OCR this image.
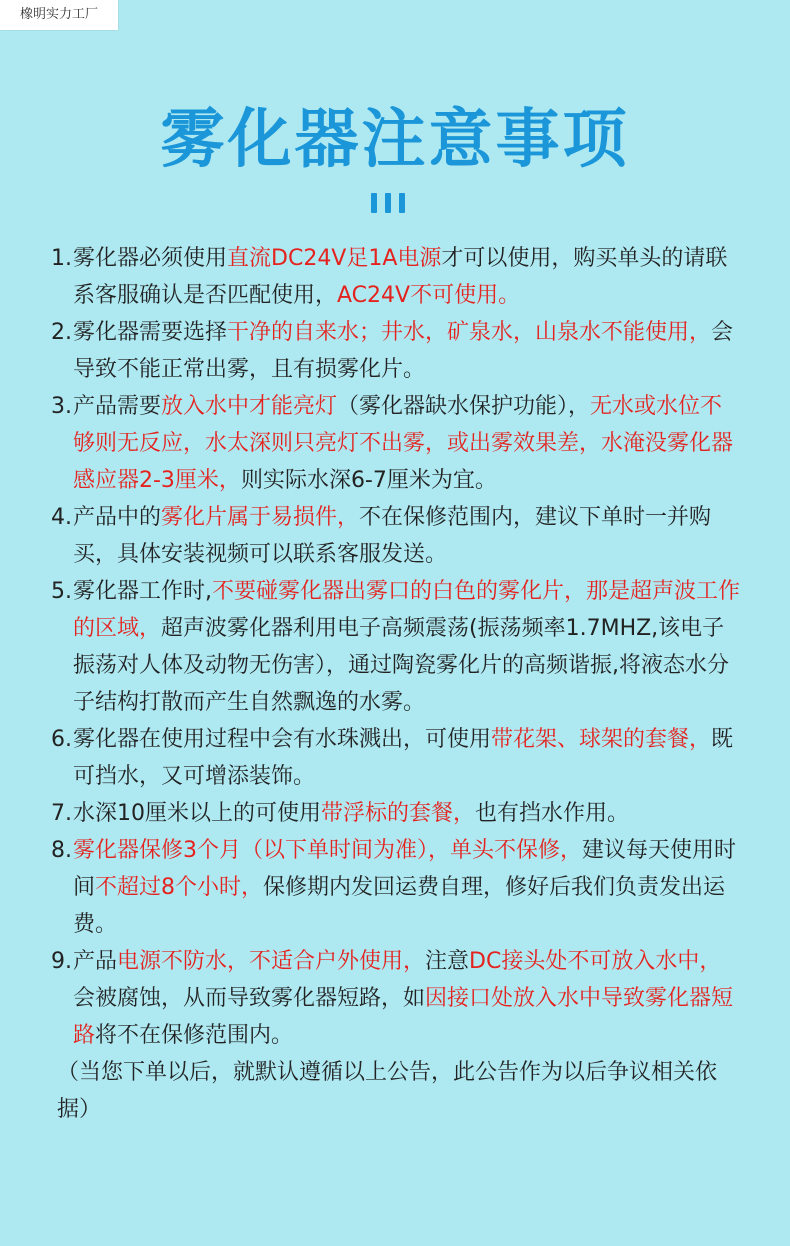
橡明实力工厂
雾化器注意事项
1. 雾化器必须使用直流DC24V足1A电源才可以使用，购买单头的请联系客服确认是否匹配使用，AC24V不可使用。
2. 雾化器需要选择干净的自来水；井水，矿泉水，山泉水不能使用，会导致不能正常出雾，且有损雾化片。
3. 产品需要放入水中才能亮灯（雾化器缺水保护功能），无水或水位不够则无反应，水太深则只亮灯不出雾，或出雾效果差，水淹没雾化器感应器2-3厘米，则实际水深6-7厘米为宜。
4. 产品中的雾化片属于易损件，不在保修范围内，建议下单时一并购买，具体安装视频可以联系客服发送。
5. 雾化器工作时,不要碰雾化器出雾口的白色的雾化片，那是超声波工作的区域，超声波雾化器利用电子高频震荡(振荡频率1.7MHZ,该电子振荡对人体及动物无伤害），通过陶瓷雾化片的高频谐振,将液态水分子结构打散而产生自然飘逸的水雾。
6. 雾化器在使用过程中会有水珠溅出，可使用带花架、球架的套餐，既可挡水，又可增添装饰。
7. 水深10厘米以上的可使用带浮标的套餐，也有挡水作用。
8. 雾化器保修3个月（以下单时间为准），单头不保修，建议每天使用时间不超过8个小时，保修期内发回运费自理，修好后我们负责发出运费。
9. 产品电源不防水，不适合户外使用，注意DC接头处不可放入水中，会被腐蚀，从而导致雾化器短路，如因接口处放入水中导致雾化器短路将不在保修范围内。
（当您下单以后，就默认遵循以上公告，此公告作为以后争议相关依据）
